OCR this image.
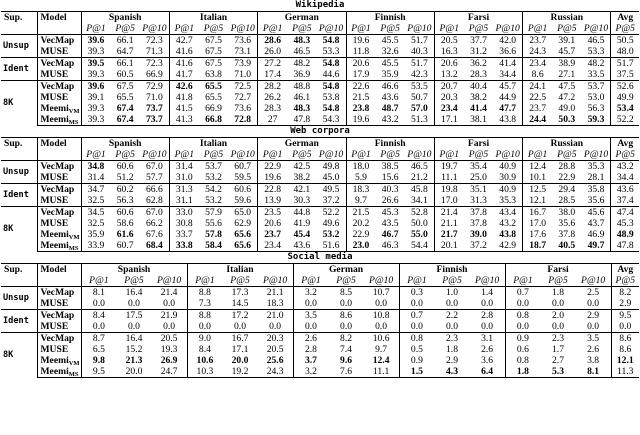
Wikipedia
Sup.	Model	Spanish			Italian			German			Finnish			Farsi			Russian			Avg
		P@1	P@5	P@10	P@1	P@5	P@10	P@1	P@5	P@10	P@1	P@5	P@10	P@1	P@5	P@10	P@1	P@5	P@10	P@5
Unsup	VecMap	39.6	66.1	72.3	42.7	67.5	73.6	28.6	48.3	54.8	19.6	45.5	51.7	20.5	37.7	42.0	23.7	39.1	46.5	50.5
	MUSE	39.3	64.7	71.3	41.6	67.5	73.1	26.0	46.5	53.3	11.8	32.6	40.3	16.3	31.2	36.6	24.3	45.7	53.3	48.0
Ident	VecMap	39.5	66.1	72.3	41.6	67.5	73.9	27.2	48.2	54.8	20.6	45.5	51.7	20.6	36.2	41.4	23.4	38.9	48.2	51.7
	MUSE	39.3	60.5	66.9	41.7	63.8	71.0	17.4	36.9	44.6	17.9	35.9	42.3	13.2	28.3	34.4	8.6	27.1	33.5	37.5
8K	VecMap	39.6	67.5	72.9	42.6	65.5	72.5	28.2	48.8	54.8	22.6	46.6	53.5	20.7	40.4	45.7	24.1	47.5	53.7	52.6
	MUSE	39.1	65.5	71.0	41.8	65.5	72.7	26.2	46.1	53.8	21.5	43.6	50.7	20.3	38.2	44.9	22.5	47.2	53.0	49.9
	Meemi$_{VM}$	39.3	67.4	73.7	41.5	66.9	73.6	28.3	48.3	54.8	23.8	48.7	57.0	23.4	41.4	47.7	23.7	49.0	56.3	53.4
	Meemi$_{MS}$	39.3	67.4	73.7	41.3	66.8	72.8	27	47.8	54.3	19.6	43.2	51.3	17.1	38.1	43.8	24.4	50.3	59.3	52.2
Web corpora
Sup.	Model	Spanish			Italian			German			Finnish			Farsi			Russian			Avg
		P@1	P@5	P@10	P@1	P@5	P@10	P@1	P@5	P@10	P@1	P@5	P@10	P@1	P@5	P@10	P@1	P@5	P@10	P@5
Unsup	VecMap	34.8	60.6	67.0	31.4	53.7	60.7	22.9	42.5	49.8	18.0	38.5	46.5	19.7	35.4	40.9	12.4	28.8	35.3	43.2
	MUSE	31.4	51.2	57.7	31.0	53.2	59.5	19.6	38.2	45.0	5.9	15.6	21.2	11.1	25.0	30.9	10.1	22.9	28.1	34.4
Ident	VecMap	34.7	60.2	66.6	31.3	54.2	60.6	22.8	42.1	49.5	18.3	40.3	45.8	19.8	35.1	40.9	12.5	29.4	35.8	43.6
	MUSE	32.5	56.3	62.8	31.1	53.2	59.6	13.9	30.3	37.2	9.7	26.6	34.1	17.0	31.3	35.3	12.1	28.5	35.6	37.4
8K	VecMap	34.5	60.6	67.0	33.0	57.9	65.0	23.5	44.8	52.2	21.5	45.3	52.8	21.4	37.8	43.4	16.7	38.0	45.6	47.4
	MUSE	32.5	58.6	66.2	30.8	55.6	62.9	20.6	41.9	49.6	20.2	43.5	50.0	21.1	37.8	43.2	17.0	35.6	43.7	45.3
	Meemi$_{VM}$	35.9	61.6	67.6	33.7	57.8	65.6	23.7	45.4	53.2	22.9	46.7	55.0	21.7	39.0	43.8	17.6	37.8	46.9	48.9
	Meemi$_{MS}$	33.9	60.7	68.4	33.8	58.4	65.6	23.4	43.6	51.6	23.0	46.3	54.4	20.1	37.2	42.9	18.7	40.5	49.7	47.8
Social media
Sup.	Model	Spanish			Italian			German			Finnish			Farsi			Avg
		P@1	P@5	P@10	P@1	P@5	P@10	P@1	P@5	P@10	P@1	P@5	P@10	P@1	P@5	P@10	P@5
Unsup	VecMap	8.1	16.4	21.4	8.8	17.3	21.1	3.2	8.5	10.7	0.3	1.0	1.4	0.7	1.8	2.5	8.2
	MUSE	0.0	0.0	0.0	7.3	14.5	18.3	0.0	0.0	0.0	0.0	0.0	0.0	0.0	0.0	0.0	2.9
Ident	VecMap	8.4	17.5	21.9	8.8	17.2	21.0	3.5	8.6	10.8	0.7	2.2	2.8	0.8	2.0	2.9	9.5
	MUSE	0.0	0.0	0.0	0.0	0.0	0.0	0.0	0.0	0.0	0.0	0.0	0.0	0.0	0.0	0.0	0.0
8K	VecMap	8.7	16.4	20.5	9.0	16.7	20.3	2.6	8.2	10.6	0.8	2.3	3.1	0.9	2.3	3.5	8.6
	MUSE	6.5	15.2	19.3	8.4	17.1	20.5	2.8	7.4	9.7	0.5	1.8	2.6	0.6	1.7	2.6	8.6
	Meemi$_{VM}$	9.8	21.3	26.9	10.6	20.0	25.6	3.7	9.6	12.4	0.9	2.9	3.6	0.8	2.7	3.8	12.1
	Meemi$_{MS}$	9.5	20.0	24.7	10.3	19.2	24.3	3.2	7.6	11.1	1.5	4.3	6.4	1.8	5.3	8.1	11.3
